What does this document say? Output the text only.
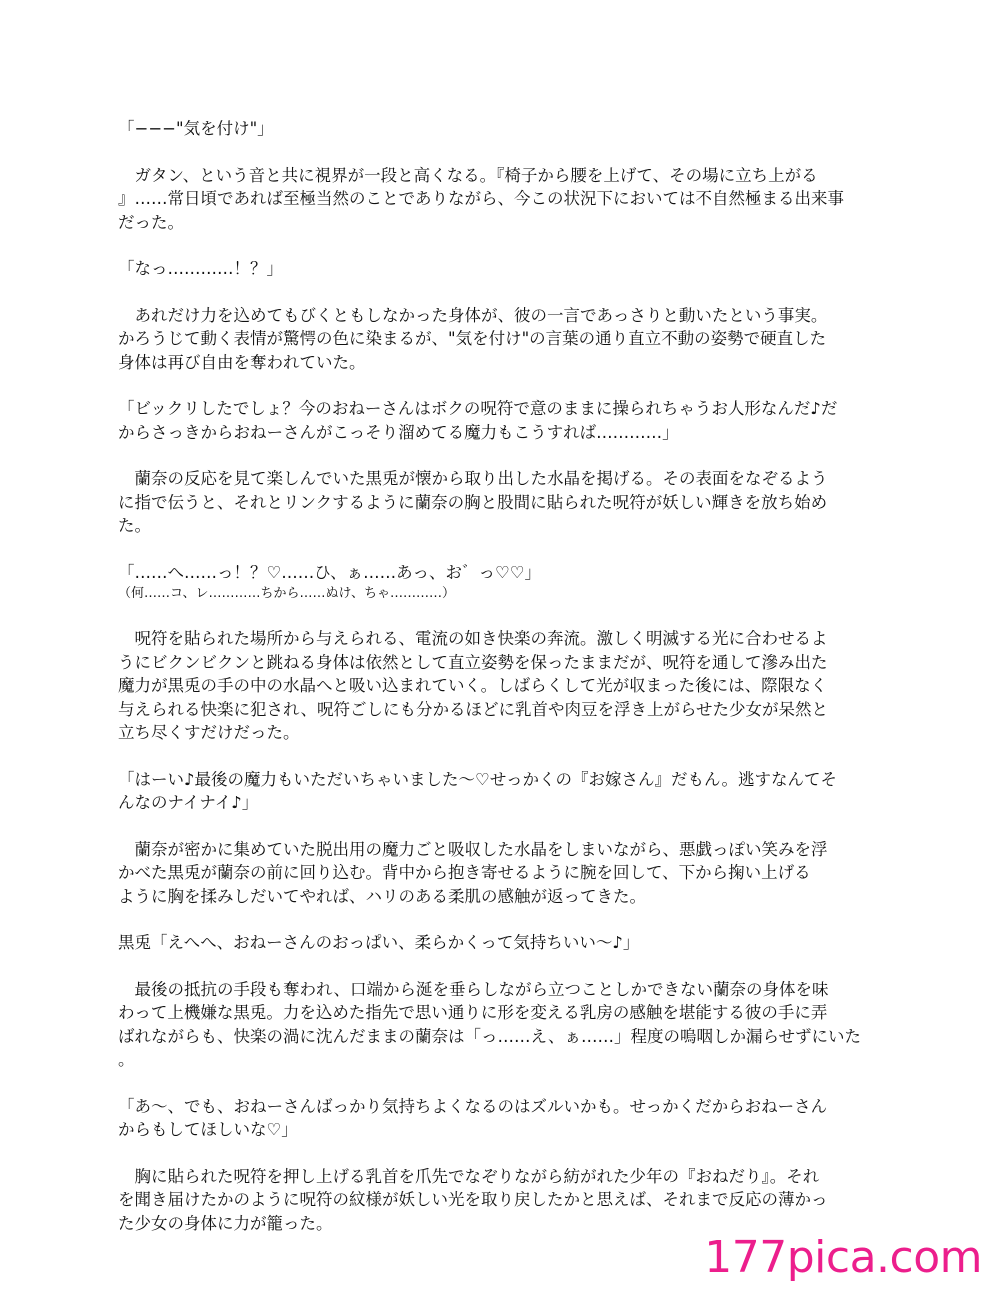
「−−−"気を付け"」

　ガタン、という音と共に視界が一段と高くなる。『椅子から腰を上げて、その場に立ち上がる
』……常日頃であれば至極当然のことでありながら、今この状況下においては不自然極まる出来事
だった。

「なっ…………！？」

　あれだけ力を込めてもびくともしなかった身体が、彼の一言であっさりと動いたという事実。
かろうじて動く表情が驚愕の色に染まるが、"気を付け"の言葉の通り直立不動の姿勢で硬直した
身体は再び自由を奪われていた。

「ビックリしたでしょ？今のおねーさんはボクの呪符で意のままに操られちゃうお人形なんだ♪だ
からさっきからおねーさんがこっそり溜めてる魔力もこうすれば…………」

　蘭奈の反応を見て楽しんでいた黒兎が懐から取り出した水晶を掲げる。その表面をなぞるよう
に指で伝うと、それとリンクするように蘭奈の胸と股間に貼られた呪符が妖しい輝きを放ち始め
た。

「……へ……っ！？♡……ひ、ぁ……あっ、お゛っ♡♡」
（何……コ、レ…………ちから……ぬけ、ちゃ…………）

　呪符を貼られた場所から与えられる、電流の如き快楽の奔流。激しく明滅する光に合わせるよ
うにビクンビクンと跳ねる身体は依然として直立姿勢を保ったままだが、呪符を通して滲み出た
魔力が黒兎の手の中の水晶へと吸い込まれていく。しばらくして光が収まった後には、際限なく
与えられる快楽に犯され、呪符ごしにも分かるほどに乳首や肉豆を浮き上がらせた少女が呆然と
立ち尽くすだけだった。

「はーい♪最後の魔力もいただいちゃいました〜♡せっかくの『お嫁さん』だもん。逃すなんてそ
んなのナイナイ♪」

　蘭奈が密かに集めていた脱出用の魔力ごと吸収した水晶をしまいながら、悪戯っぽい笑みを浮
かべた黒兎が蘭奈の前に回り込む。背中から抱き寄せるように腕を回して、下から掬い上げる
ように胸を揉みしだいてやれば、ハリのある柔肌の感触が返ってきた。

黒兎「えへへ、おねーさんのおっぱい、柔らかくって気持ちいい〜♪」

　最後の抵抗の手段も奪われ、口端から涎を垂らしながら立つことしかできない蘭奈の身体を味
わって上機嫌な黒兎。力を込めた指先で思い通りに形を変える乳房の感触を堪能する彼の手に弄
ばれながらも、快楽の渦に沈んだままの蘭奈は「っ……え、ぁ……」程度の嗚咽しか漏らせずにいた
。

「あ〜、でも、おねーさんばっかり気持ちよくなるのはズルいかも。せっかくだからおねーさん
からもしてほしいな♡」

　胸に貼られた呪符を押し上げる乳首を爪先でなぞりながら紡がれた少年の『おねだり』。それ
を聞き届けたかのように呪符の紋様が妖しい光を取り戻したかと思えば、それまで反応の薄かっ
た少女の身体に力が籠った。

177pica.com
